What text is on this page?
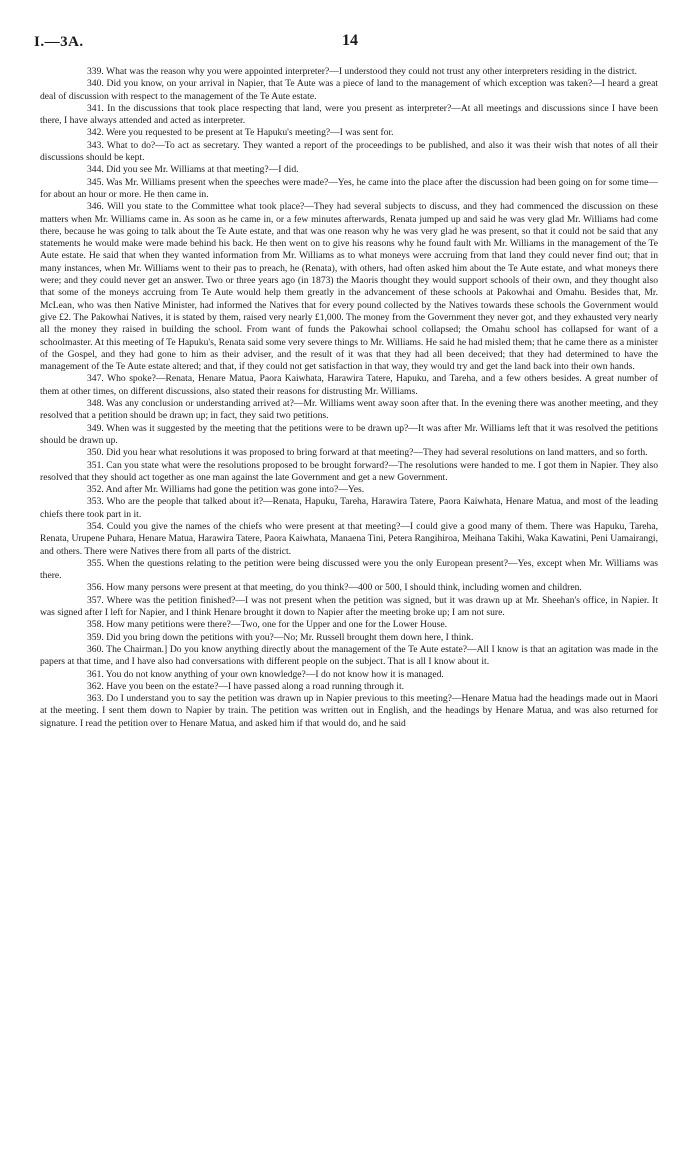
I.—3A.	14

339. What was the reason why you were appointed interpreter?—I understood they could not trust any other interpreters residing in the district.

340. Did you know, on your arrival in Napier, that Te Aute was a piece of land to the management of which exception was taken?—I heard a great deal of discussion with respect to the management of the Te Aute estate.

341. In the discussions that took place respecting that land, were you present as interpreter?—At all meetings and discussions since I have been there, I have always attended and acted as interpreter.

342. Were you requested to be present at Te Hapuku's meeting?—I was sent for.

343. What to do?—To act as secretary. They wanted a report of the proceedings to be published, and also it was their wish that notes of all their discussions should be kept.

344. Did you see Mr. Williams at that meeting?—I did.

345. Was Mr. Williams present when the speeches were made?—Yes, he came into the place after the discussion had been going on for some time—for about an hour or more. He then came in.

346. Will you state to the Committee what took place?—They had several subjects to discuss, and they had commenced the discussion on these matters when Mr. Williams came in. As soon as he came in, or a few minutes afterwards, Renata jumped up and said he was very glad Mr. Williams had come there, because he was going to talk about the Te Aute estate, and that was one reason why he was very glad he was present, so that it could not be said that any statements he would make were made behind his back. He then went on to give his reasons why he found fault with Mr. Williams in the management of the Te Aute estate. He said that when they wanted information from Mr. Williams as to what moneys were accruing from that land they could never find out; that in many instances, when Mr. Williams went to their pas to preach, he (Renata), with others, had often asked him about the Te Aute estate, and what moneys there were; and they could never get an answer. Two or three years ago (in 1873) the Maoris thought they would support schools of their own, and they thought also that some of the moneys accruing from Te Aute would help them greatly in the advancement of these schools at Pakowhai and Omahu. Besides that, Mr. McLean, who was then Native Minister, had informed the Natives that for every pound collected by the Natives towards these schools the Government would give £2. The Pakowhai Natives, it is stated by them, raised very nearly £1,000. The money from the Government they never got, and they exhausted very nearly all the money they raised in building the school. From want of funds the Pakowhai school collapsed; the Omahu school has collapsed for want of a schoolmaster. At this meeting of Te Hapuku's, Renata said some very severe things to Mr. Williams. He said he had misled them; that he came there as a minister of the Gospel, and they had gone to him as their adviser, and the result of it was that they had all been deceived; that they had determined to have the management of the Te Aute estate altered; and that, if they could not get satisfaction in that way, they would try and get the land back into their own hands.

347. Who spoke?—Renata, Henare Matua, Paora Kaiwhata, Harawira Tatere, Hapuku, and Tareha, and a few others besides. A great number of them at other times, on different discussions, also stated their reasons for distrusting Mr. Williams.

348. Was any conclusion or understanding arrived at?—Mr. Williams went away soon after that. In the evening there was another meeting, and they resolved that a petition should be drawn up; in fact, they said two petitions.

349. When was it suggested by the meeting that the petitions were to be drawn up?—It was after Mr. Williams left that it was resolved the petitions should be drawn up.

350. Did you hear what resolutions it was proposed to bring forward at that meeting?—They had several resolutions on land matters, and so forth.

351. Can you state what were the resolutions proposed to be brought forward?—The resolutions were handed to me. I got them in Napier. They also resolved that they should act together as one man against the late Government and get a new Government.

352. And after Mr. Williams had gone the petition was gone into?—Yes.

353. Who are the people that talked about it?—Renata, Hapuku, Tareha, Harawira Tatere, Paora Kaiwhata, Henare Matua, and most of the leading chiefs there took part in it.

354. Could you give the names of the chiefs who were present at that meeting?—I could give a good many of them. There was Hapuku, Tareha, Renata, Urupene Puhara, Henare Matua, Harawira Tatere, Paora Kaiwhata, Manaena Tini, Petera Rangihiroa, Meihana Takihi, Waka Kawatini, Peni Uamairangi, and others. There were Natives there from all parts of the district.

355. When the questions relating to the petition were being discussed were you the only European present?—Yes, except when Mr. Williams was there.

356. How many persons were present at that meeting, do you think?—400 or 500, I should think, including women and children.

357. Where was the petition finished?—I was not present when the petition was signed, but it was drawn up at Mr. Sheehan's office, in Napier. It was signed after I left for Napier, and I think Henare brought it down to Napier after the meeting broke up; I am not sure.

358. How many petitions were there?—Two, one for the Upper and one for the Lower House.

359. Did you bring down the petitions with you?—No; Mr. Russell brought them down here, I think.

360. The Chairman.] Do you know anything directly about the management of the Te Aute estate?—All I know is that an agitation was made in the papers at that time, and I have also had conversations with different people on the subject. That is all I know about it.

361. You do not know anything of your own knowledge?—I do not know how it is managed.

362. Have you been on the estate?—I have passed along a road running through it.

363. Do I understand you to say the petition was drawn up in Napier previous to this meeting?—Henare Matua had the headings made out in Maori at the meeting. I sent them down to Napier by train. The petition was written out in English, and the headings by Henare Matua, and was also returned for signature. I read the petition over to Henare Matua, and asked him if that would do, and he said
